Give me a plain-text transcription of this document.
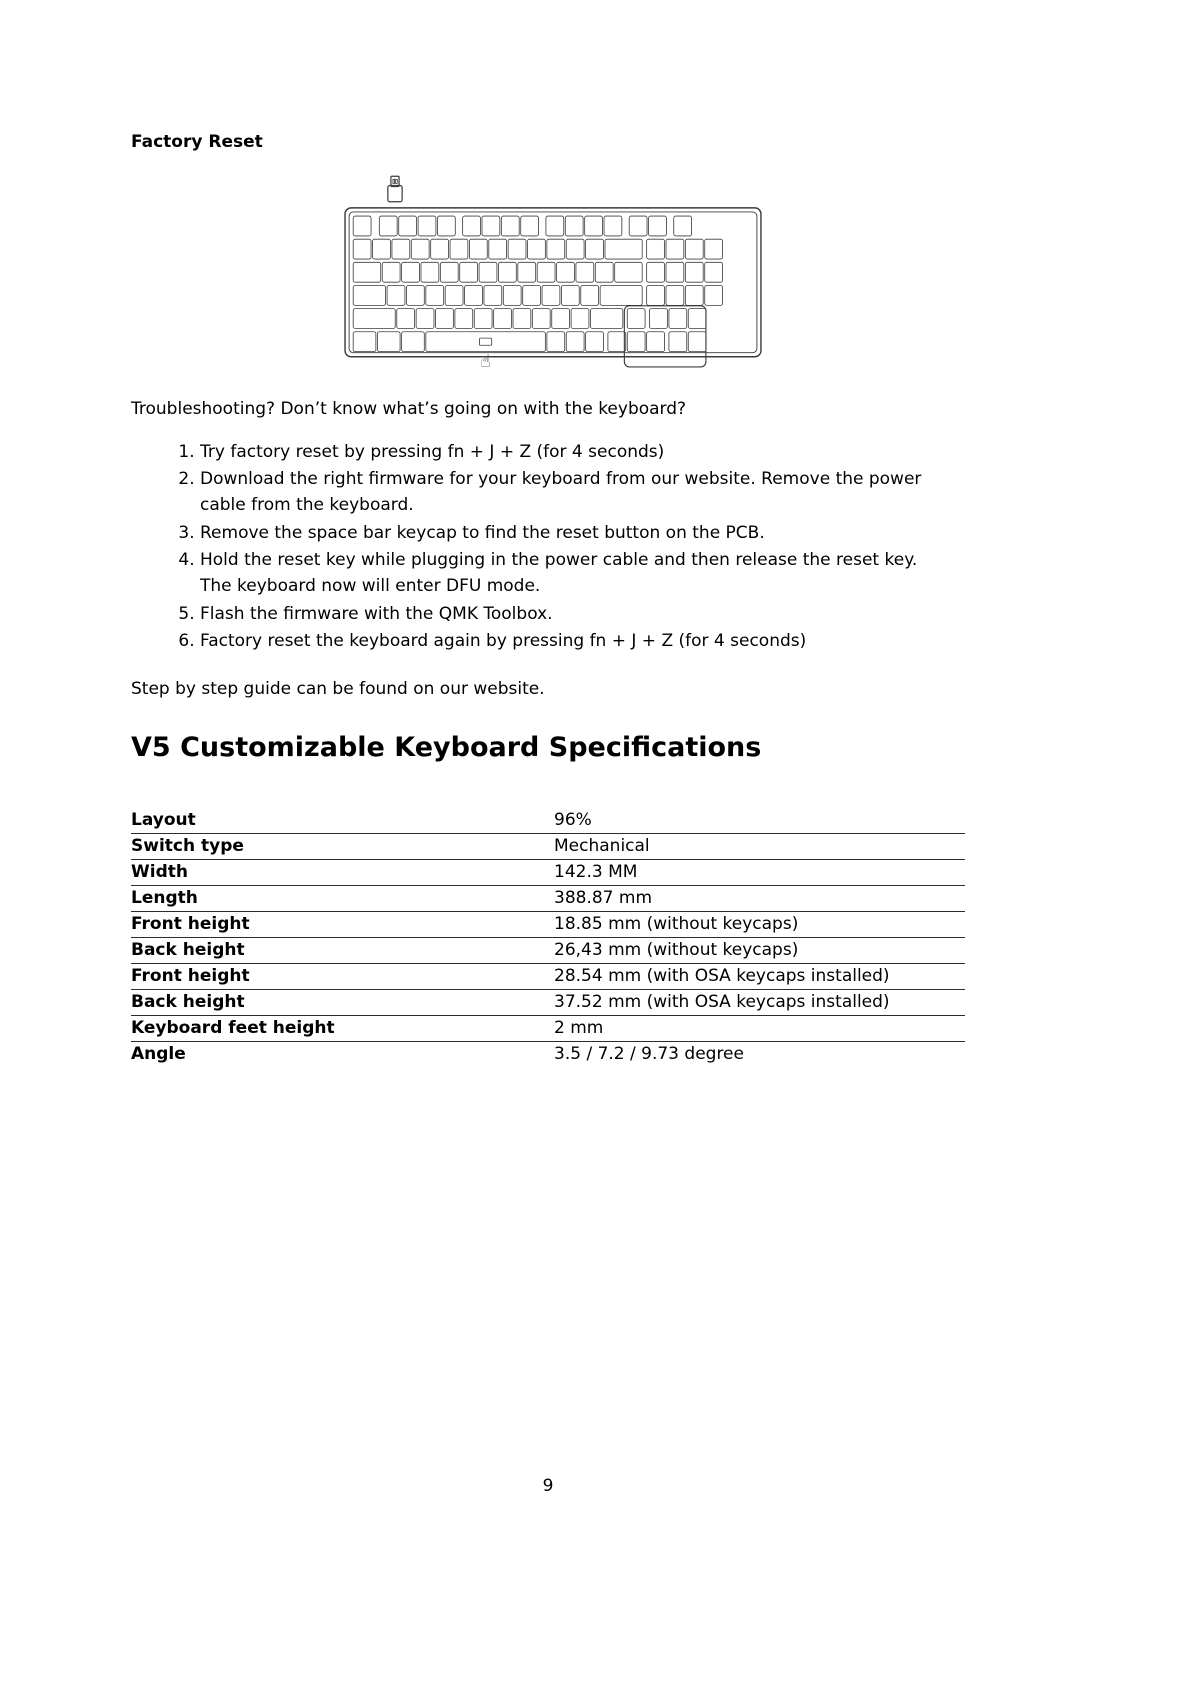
Factory Reset
☝

Troubleshooting? Don’t know what’s going on with the keyboard?

1. Try factory reset by pressing fn + J + Z (for 4 seconds)
2. Download the right firmware for your keyboard from our website. Remove the power cable from the keyboard.
3. Remove the space bar keycap to find the reset button on the PCB.
4. Hold the reset key while plugging in the power cable and then release the reset key. The keyboard now will enter DFU mode.
5. Flash the firmware with the QMK Toolbox.
6. Factory reset the keyboard again by pressing fn + J + Z (for 4 seconds)

Step by step guide can be found on our website.

V5 Customizable Keyboard Specifications
Layout	96%
Switch type	Mechanical
Width	142.3 MM
Length	388.87 mm
Front height	18.85 mm (without keycaps)
Back height	26,43 mm (without keycaps)
Front height	28.54 mm (with OSA keycaps installed)
Back height	37.52 mm (with OSA keycaps installed)
Keyboard feet height	2 mm
Angle	3.5 / 7.2 / 9.73 degree
9
